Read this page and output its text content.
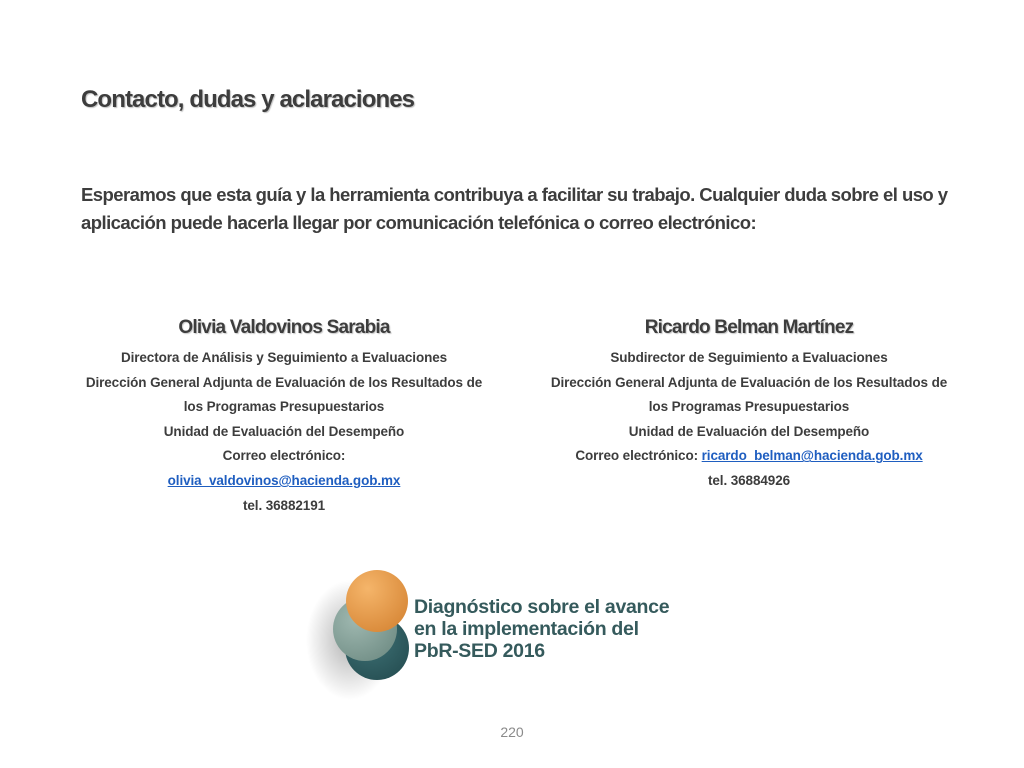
Contacto, dudas y aclaraciones

Esperamos que esta guía y la herramienta contribuya a facilitar su trabajo. Cualquier duda sobre el uso y aplicación puede hacerla llegar por comunicación telefónica o correo electrónico:

Olivia Valdovinos Sarabia
Directora de Análisis y Seguimiento a Evaluaciones
Dirección General Adjunta de Evaluación de los Resultados de
los Programas Presupuestarios
Unidad de Evaluación del Desempeño
Correo electrónico:
olivia_valdovinos@hacienda.gob.mx
tel. 36882191
Ricardo Belman Martínez
Subdirector de Seguimiento a Evaluaciones
Dirección General Adjunta de Evaluación de los Resultados de
los Programas Presupuestarios
Unidad de Evaluación del Desempeño
Correo electrónico: ricardo_belman@hacienda.gob.mx
tel. 36884926
Diagnóstico sobre el avance
en la implementación del
PbR-SED 2016
220
